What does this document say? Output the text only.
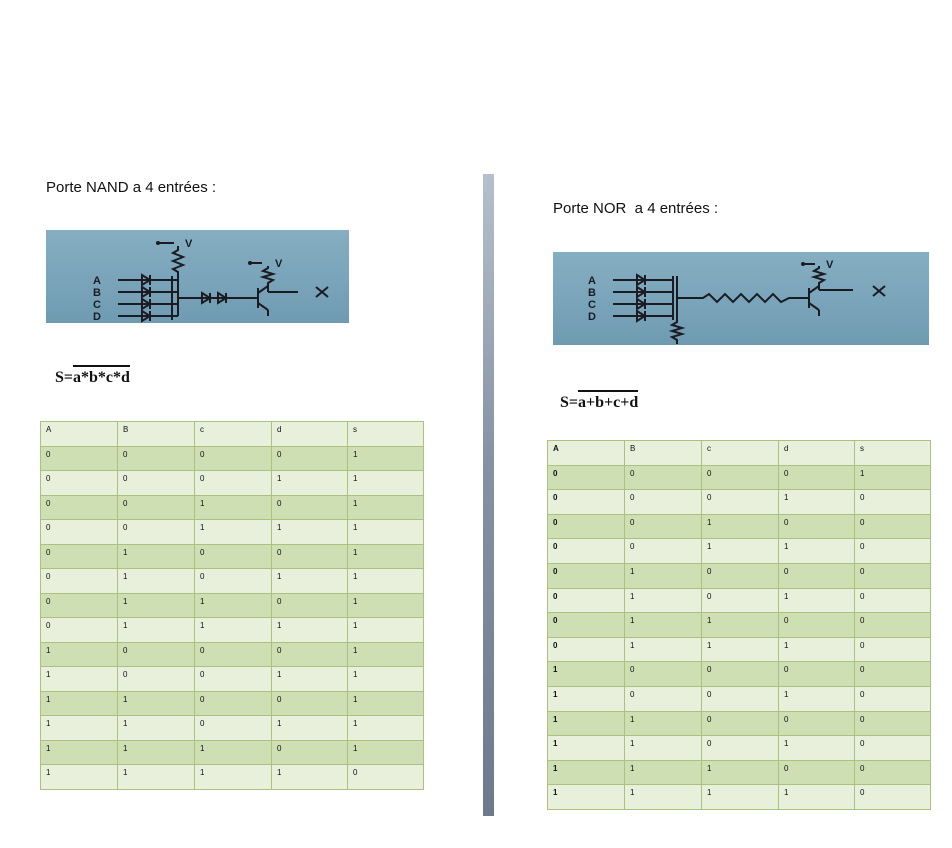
Porte NAND a 4 entrées :
V
V
A
B
C
D
S=a*b*c*d
A	B	c	d	s
0	0	0	0	1
0	0	0	1	1
0	0	1	0	1
0	0	1	1	1
0	1	0	0	1
0	1	0	1	1
0	1	1	0	1
0	1	1	1	1
1	0	0	0	1
1	0	0	1	1
1	1	0	0	1
1	1	0	1	1
1	1	1	0	1
1	1	1	1	0
Porte NOR  a 4 entrées :
V
A
B
C
D
S=a+b+c+d
A	B	c	d	s
0	0	0	0	1
0	0	0	1	0
0	0	1	0	0
0	0	1	1	0
0	1	0	0	0
0	1	0	1	0
0	1	1	0	0
0	1	1	1	0
1	0	0	0	0
1	0	0	1	0
1	1	0	0	0
1	1	0	1	0
1	1	1	0	0
1	1	1	1	0
